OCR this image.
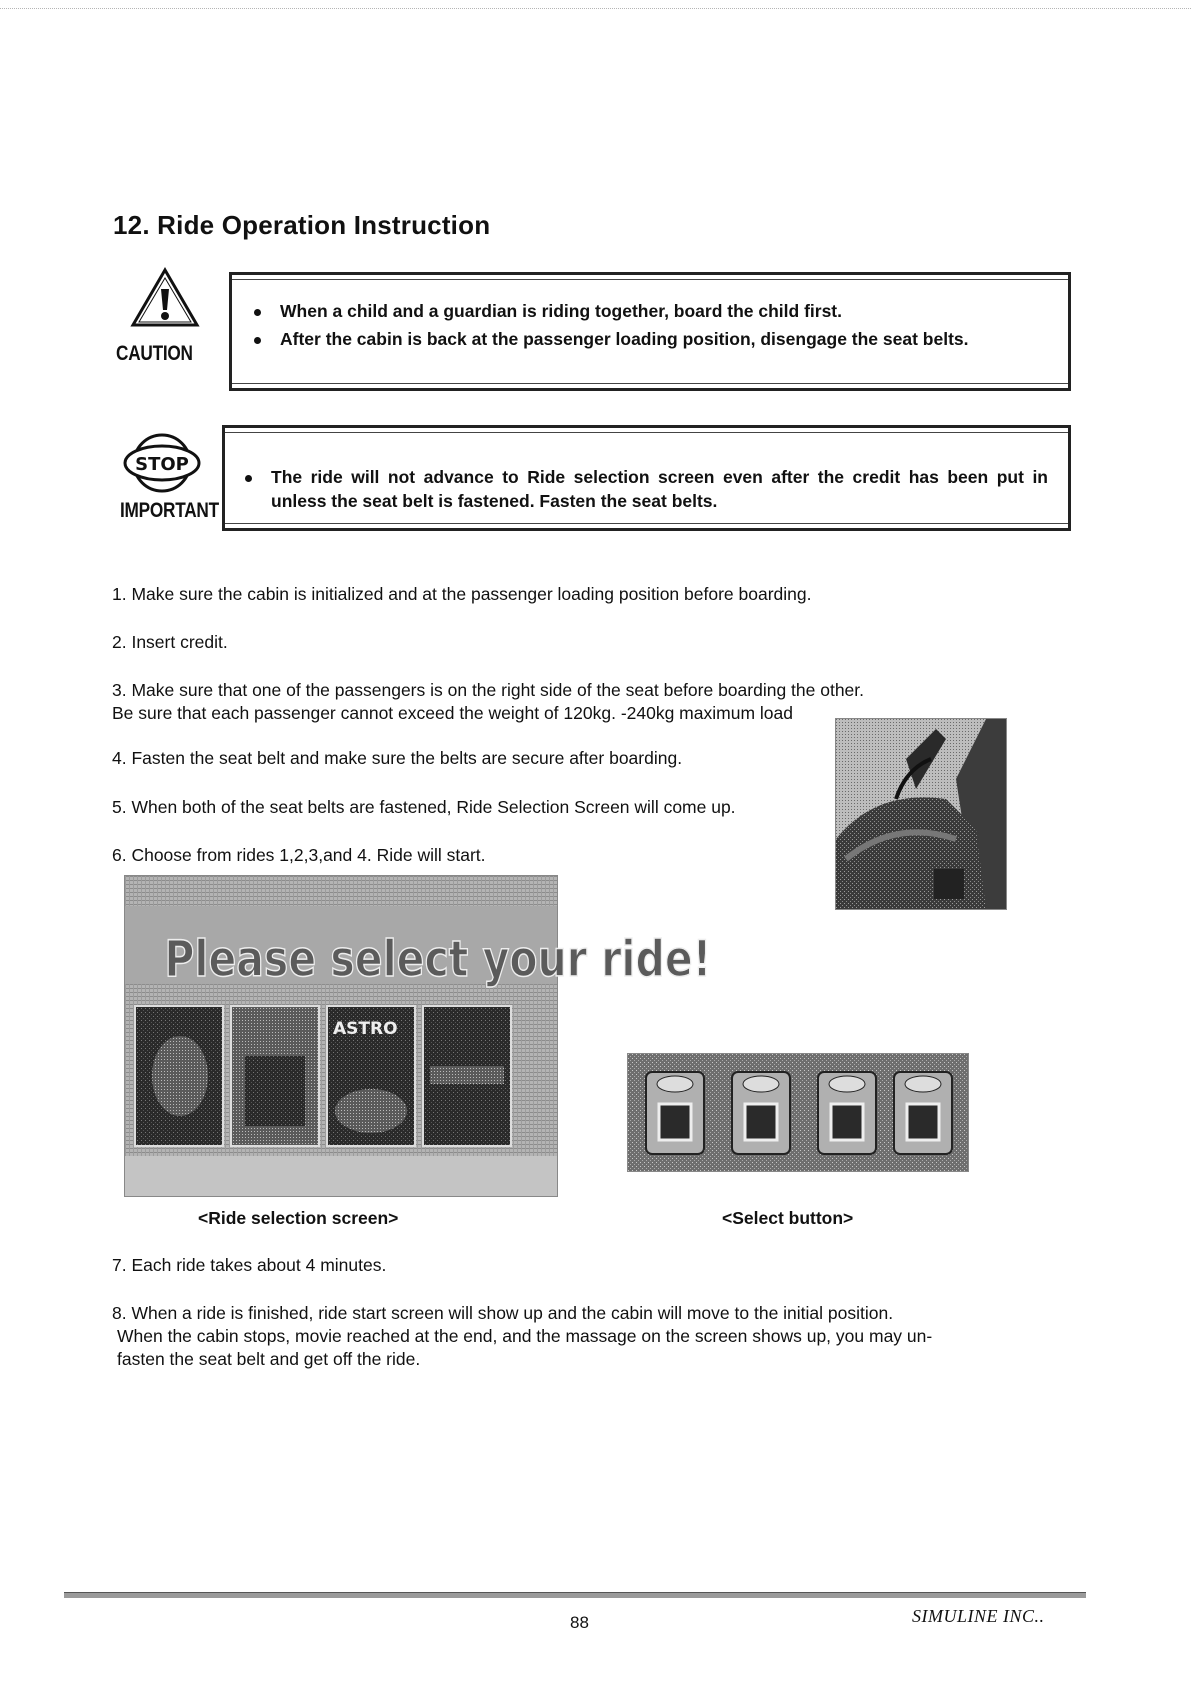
12. Ride Operation Instruction
CAUTION
When a child and a guardian is riding together, board the child first.
After the cabin is back at the passenger loading position, disengage the seat belts.
STOP
IMPORTANT
The ride will not advance to Ride selection screen even after the credit has been put in unless the seat belt is fastened. Fasten the seat belts.
1. Make sure the cabin is initialized and at the passenger loading position before boarding.
2. Insert credit.
3. Make sure that one of the passengers is on the right side of the seat before boarding the other.
Be sure that each passenger cannot exceed the weight of 120kg. -240kg maximum load
4. Fasten the seat belt and make sure the belts are secure after boarding.
5. When both of the seat belts are fastened, Ride Selection Screen will come up.
6. Choose from rides 1,2,3,and 4. Ride will start.
Please select your ride!
ASTRO
<Ride selection screen>	<Select button>
7. Each ride takes about 4 minutes.
8. When a ride is finished, ride start screen will show up and the cabin will move to the initial position.
When the cabin stops, movie reached at the end, and the massage on the screen shows up, you may un-
fasten the seat belt and get off the ride.
88	SIMULINE INC..
